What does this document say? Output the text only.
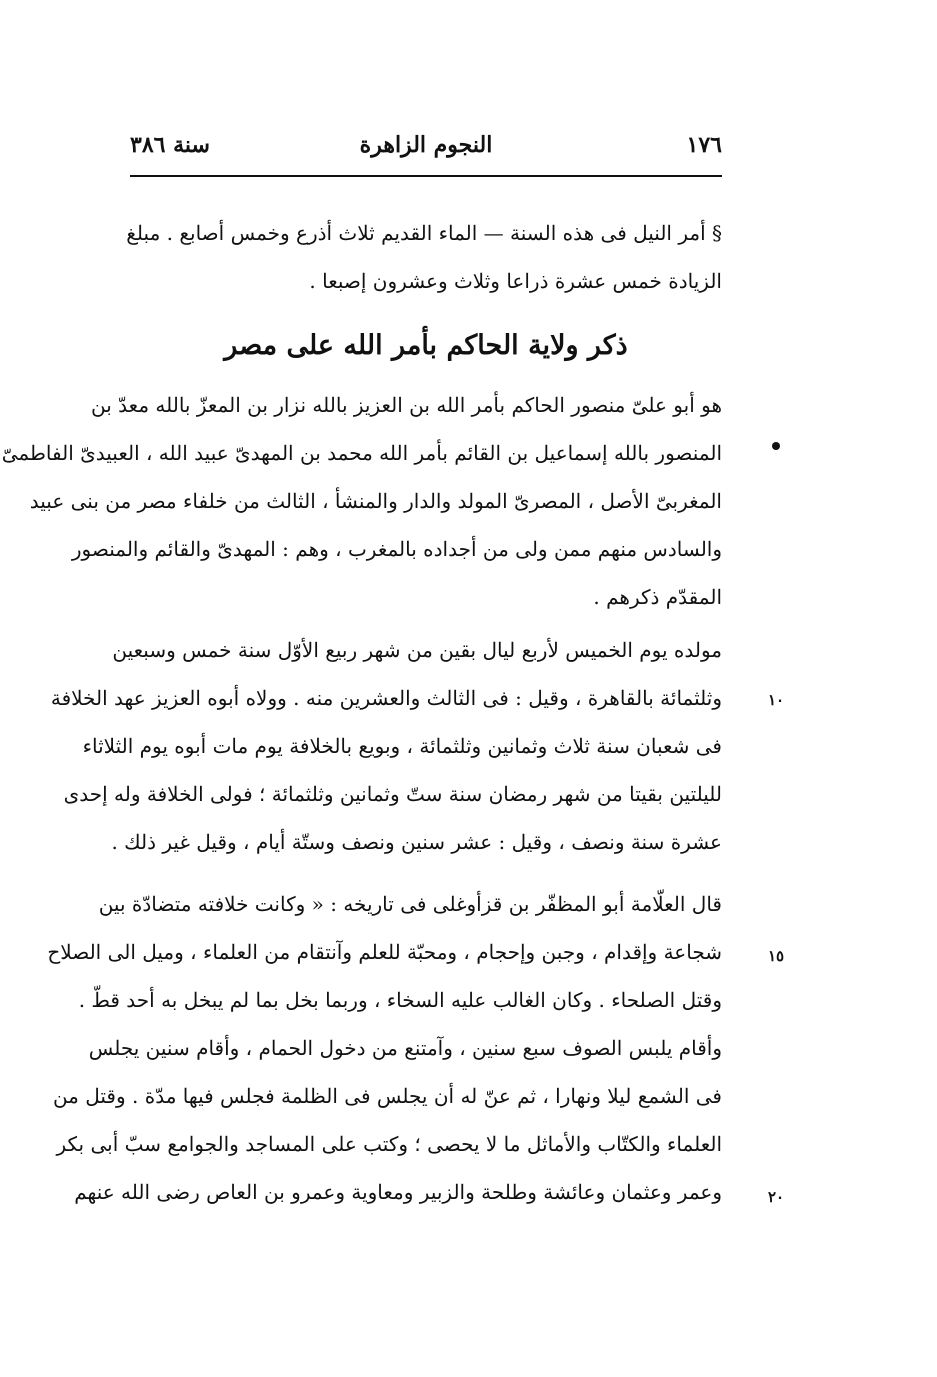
١٧٦
النجوم الزاهرة
سنة ٣٨٦
§ أمر النيل فى هذه السنة — الماء القديم ثلاث أذرع وخمس أصابع . مبلغ
الزيادة خمس عشرة ذراعا وثلاث وعشرون إصبعا .
ذكر ولاية الحاكم بأمر الله على مصر
هو أبو علىّ منصور الحاكم بأمر الله بن العزيز بالله نزار بن المعزّ بالله معدّ بن
المنصور بالله إسماعيل بن القائم بأمر الله محمد بن المهدىّ عبيد الله ، العبيدىّ الفاطمىّ
المغربىّ الأصل ، المصرىّ المولد والدار والمنشأ ، الثالث من خلفاء مصر من بنى عبيد
والسادس منهم ممن ولى من أجداده بالمغرب ، وهم : المهدىّ والقائم والمنصور
المقدّم ذكرهم .
مولده يوم الخميس لأربع ليال بقين من شهر ربيع الأوّل سنة خمس وسبعين
وثلثمائة بالقاهرة ، وقيل : فى الثالث والعشرين منه . وولاه أبوه العزيز عهد الخلافة
فى شعبان سنة ثلاث وثمانين وثلثمائة ، وبويع بالخلافة يوم مات أبوه يوم الثلاثاء
لليلتين بقيتا من شهر رمضان سنة ستّ وثمانين وثلثمائة ؛ فولى الخلافة وله إحدى
عشرة سنة ونصف ، وقيل : عشر سنين ونصف وستّة أيام ، وقيل غير ذلك .
قال العلّامة أبو المظفّر بن قزأوغلى فى تاريخه : « وكانت خلافته متضادّة بين
شجاعة وإقدام ، وجبن وإحجام ، ومحبّة للعلم وآنتقام من العلماء ، وميل الى الصلاح
وقتل الصلحاء . وكان الغالب عليه السخاء ، وربما بخل بما لم يبخل به أحد قطّ .
وأقام يلبس الصوف سبع سنين ، وآمتنع من دخول الحمام ، وأقام سنين يجلس
فى الشمع ليلا ونهارا ، ثم عنّ له أن يجلس فى الظلمة فجلس فيها مدّة . وقتل من
العلماء والكتّاب والأماثل ما لا يحصى ؛ وكتب على المساجد والجوامع سبّ أبى بكر
وعمر وعثمان وعائشة وطلحة والزبير ومعاوية وعمرو بن العاص رضى الله عنهم
١٠
١٥
٢٠
